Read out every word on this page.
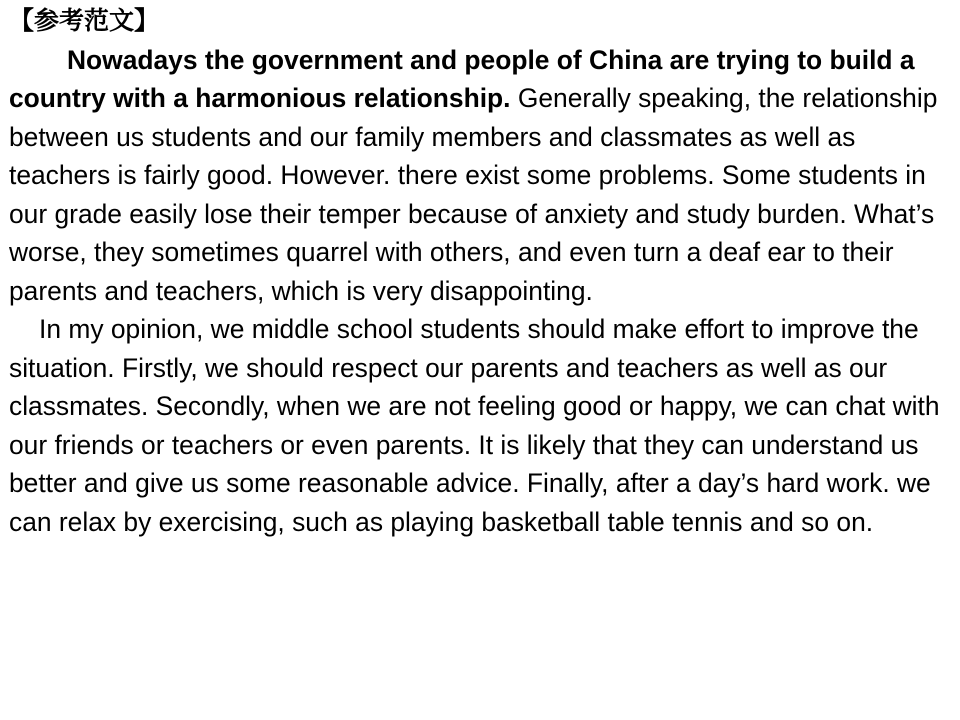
【参考范文】

Nowadays the government and people of China are trying to build a country with a harmonious relationship. Generally speaking, the relationship between us students and our family members and classmates as well as teachers is fairly good. However. there exist some problems. Some students in our grade easily lose their temper because of anxiety and study burden. What’s worse, they sometimes quarrel with others, and even turn a deaf ear to their parents and teachers, which is very disappointing.

In my opinion, we middle school students should make effort to improve the situation. Firstly, we should respect our parents and teachers as well as our classmates. Secondly, when we are not feeling good or happy, we can chat with our friends or teachers or even parents. It is likely that they can understand us better and give us some reasonable advice. Finally, after a day’s hard work. we can relax by exercising, such as playing basketball table tennis and so on.
